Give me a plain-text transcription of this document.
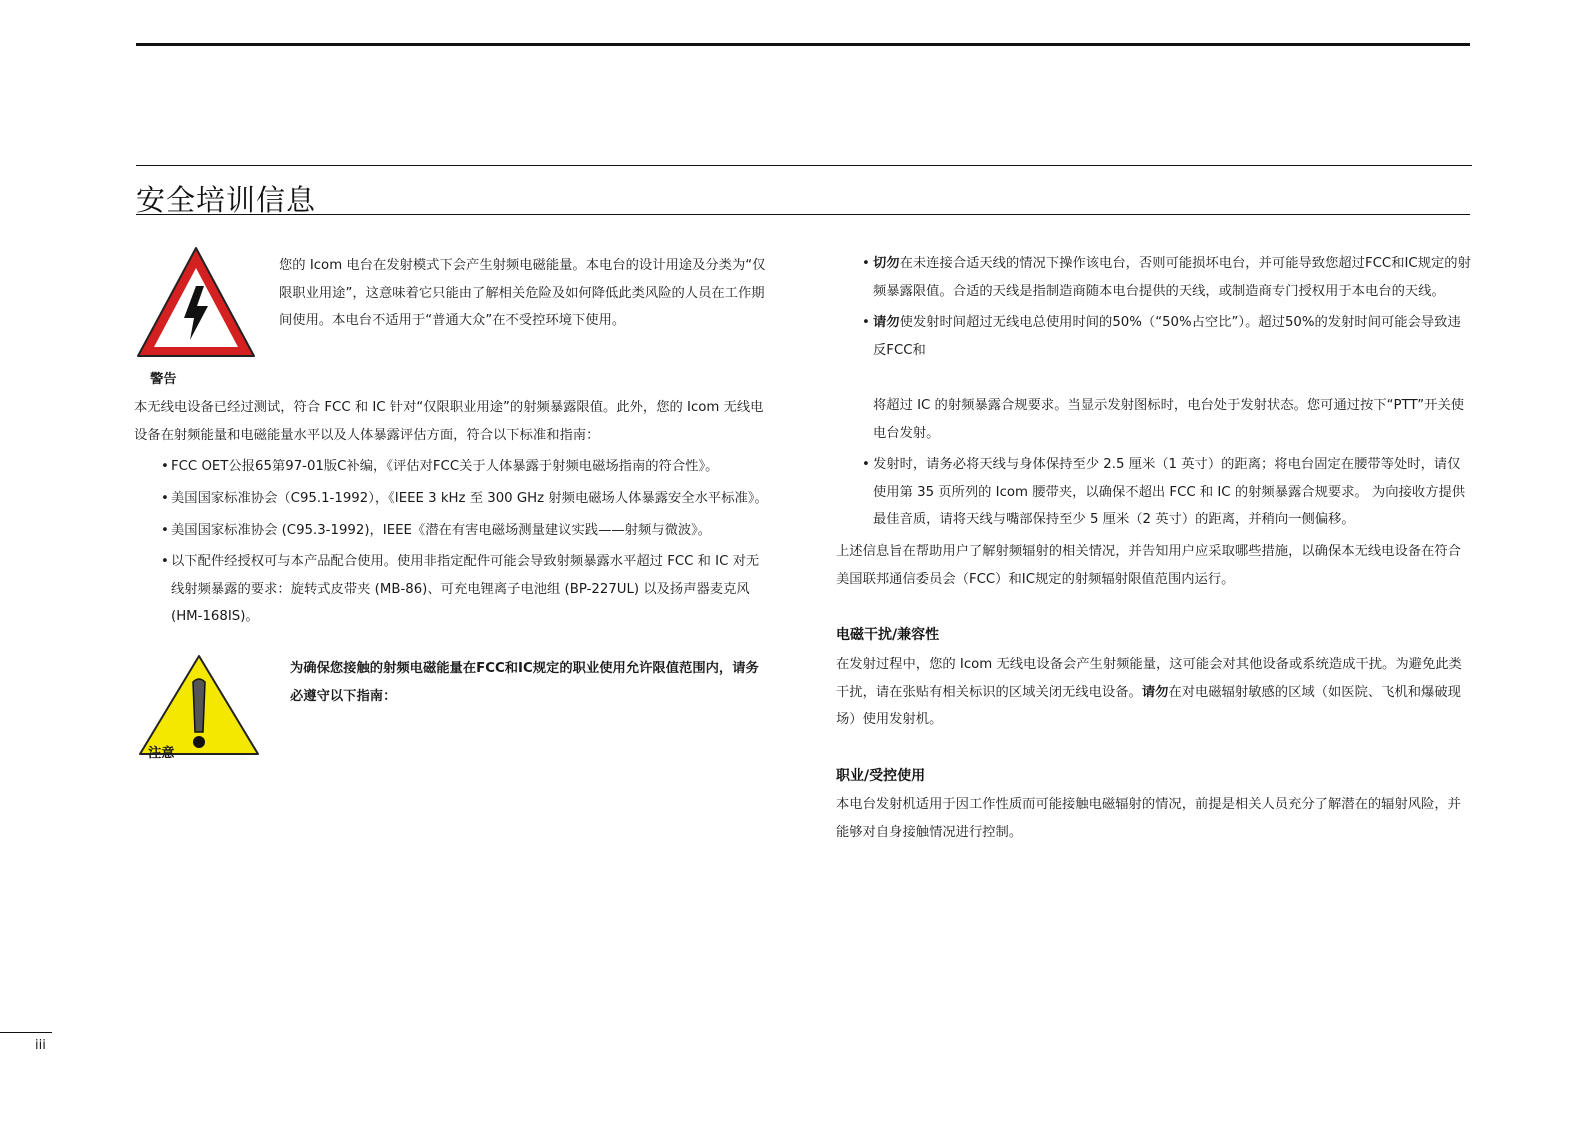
安全培训信息
警告

您的 Icom 电台在发射模式下会产生射频电磁能量。本电台的设计用途及分类为“仅限职业用途”，这意味着它只能由了解相关危险及如何降低此类风险的人员在工作期间使用。本电台不适用于“普通大众”在不受控环境下使用。

本无线电设备已经过测试，符合 FCC 和 IC 针对“仅限职业用途”的射频暴露限值。此外，您的 Icom 无线电设备在射频能量和电磁能量水平以及人体暴露评估方面，符合以下标准和指南：

• FCC OET公报65第97-01版C补编，《评估对FCC关于人体暴露于射频电磁场指南的符合性》。

• 美国国家标准协会（C95.1-1992），《IEEE 3 kHz 至 300 GHz 射频电磁场人体暴露安全水平标准》。

• 美国国家标准协会 (C95.3-1992)，IEEE《潜在有害电磁场测量建议实践——射频与微波》。

• 以下配件经授权可与本产品配合使用。使用非指定配件可能会导致射频暴露水平超过 FCC 和 IC 对无线射频暴露的要求：旋转式皮带夹 (MB-86)、可充电锂离子电池组 (BP-227UL) 以及扬声器麦克风 (HM-168IS)。

注意

为确保您接触的射频电磁能量在FCC和IC规定的职业使用允许限值范围内，请务必遵守以下指南：

• 切勿在未连接合适天线的情况下操作该电台，否则可能损坏电台，并可能导致您超过FCC和IC规定的射频暴露限值。合适的天线是指制造商随本电台提供的天线，或制造商专门授权用于本电台的天线。

• 请勿使发射时间超过无线电总使用时间的50%（“50%占空比”）。超过50%的发射时间可能会导致违反FCC和

将超过 IC 的射频暴露合规要求。当显示发射图标时，电台处于发射状态。您可通过按下“PTT”开关使电台发射。

• 发射时，请务必将天线与身体保持至少 2.5 厘米（1 英寸）的距离；将电台固定在腰带等处时，请仅使用第 35 页所列的 Icom 腰带夹，以确保不超出 FCC 和 IC 的射频暴露合规要求。 为向接收方提供最佳音质，请将天线与嘴部保持至少 5 厘米（2 英寸）的距离，并稍向一侧偏移。

上述信息旨在帮助用户了解射频辐射的相关情况，并告知用户应采取哪些措施，以确保本无线电设备在符合美国联邦通信委员会（FCC）和IC规定的射频辐射限值范围内运行。

电磁干扰/兼容性

在发射过程中，您的 Icom 无线电设备会产生射频能量，这可能会对其他设备或系统造成干扰。为避免此类干扰，请在张贴有相关标识的区域关闭无线电设备。请勿在对电磁辐射敏感的区域（如医院、飞机和爆破现场）使用发射机。

职业/受控使用

本电台发射机适用于因工作性质而可能接触电磁辐射的情况，前提是相关人员充分了解潜在的辐射风险，并能够对自身接触情况进行控制。

iii
